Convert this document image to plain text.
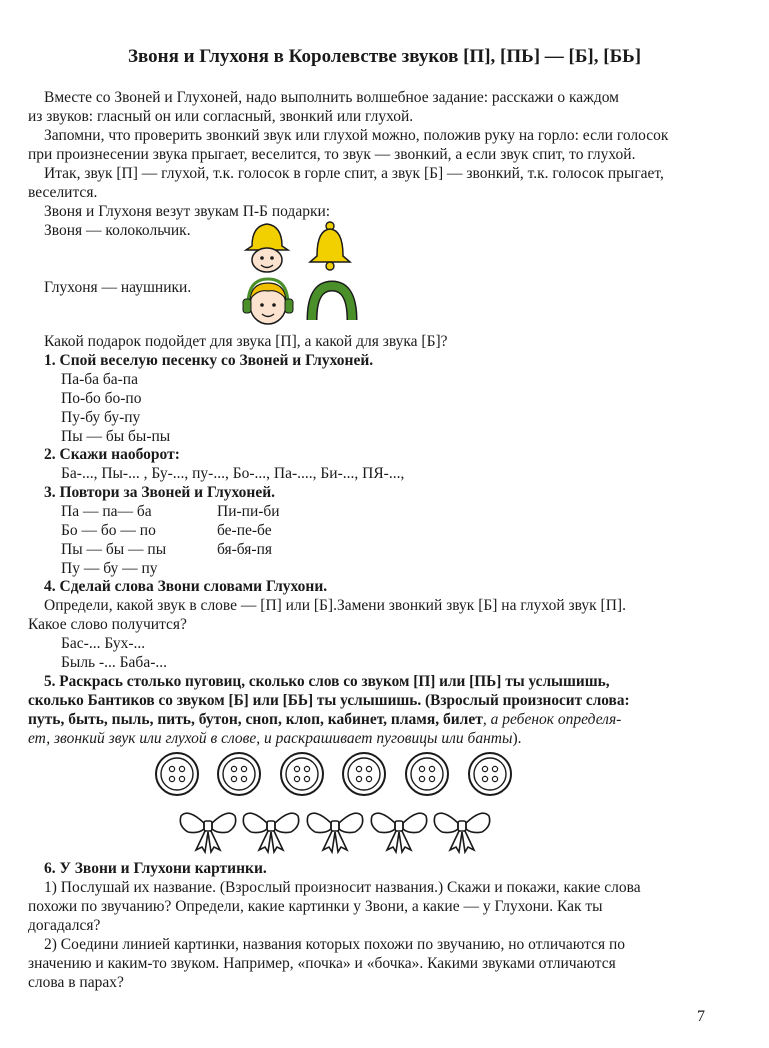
Звоня и Глухоня в Королевстве звуков [П], [ПЬ] — [Б], [БЬ]
Вместе со Звоней и Глухоней, надо выполнить волшебное задание: расскажи о каждом
из звуков: гласный он или согласный, звонкий или глухой.
Запомни, что проверить звонкий звук или глухой можно, положив руку на горло: если голосок
при произнесении звука прыгает, веселится, то звук — звонкий, а если звук спит, то глухой.
Итак, звук [П] — глухой, т.к. голосок в горле спит, а звук [Б] — звонкий, т.к. голосок прыгает,
веселится.
Звоня и Глухоня везут звукам П-Б подарки:
Звоня — колокольчик.
Глухоня — наушники.
Какой подарок подойдет для звука [П], а какой для звука [Б]?
1. Спой веселую песенку со Звоней и Глухоней.
Па-ба ба-па
По-бо бо-по
Пу-бу бу-пу
Пы — бы бы-пы
2. Скажи наоборот:
Ба-..., Пы-... , Бу-..., пу-..., Бо-..., Па-...., Би-..., ПЯ-...,
3. Повтори за Звоней и Глухоней.
Па — па— ба
Бо — бо — по
Пы — бы — пы
Пу — бу — пу
Пи-пи-би
бе-пе-бе
бя-бя-пя
4. Сделай слова Звони словами Глухони.
Определи, какой звук в слове — [П] или [Б].Замени звонкий звук [Б] на глухой звук [П].
Какое слово получится?
Бас-... Бух-...
Быль -... Баба-...
5. Раскрась столько пуговиц, сколько слов со звуком [П] или [ПЬ] ты услышишь,
сколько Бантиков со звуком [Б] или [БЬ] ты услышишь. (Взрослый произносит слова:
путь, быть, пыль, пить, бутон, сноп, клоп, кабинет, пламя, билет, а ребенок определя-
ет, звонкий звук или глухой в слове, и раскрашивает пуговицы или банты).
6. У Звони и Глухони картинки.
1) Послушай их название. (Взрослый произносит названия.) Скажи и покажи, какие слова
похожи по звучанию? Определи, какие картинки у Звони, а какие — у Глухони. Как ты
догадался?
2) Соедини линией картинки, названия которых похожи по звучанию, но отличаются по
значению и каким-то звуком. Например, «почка» и «бочка». Какими звуками отличаются
слова в парах?
7
